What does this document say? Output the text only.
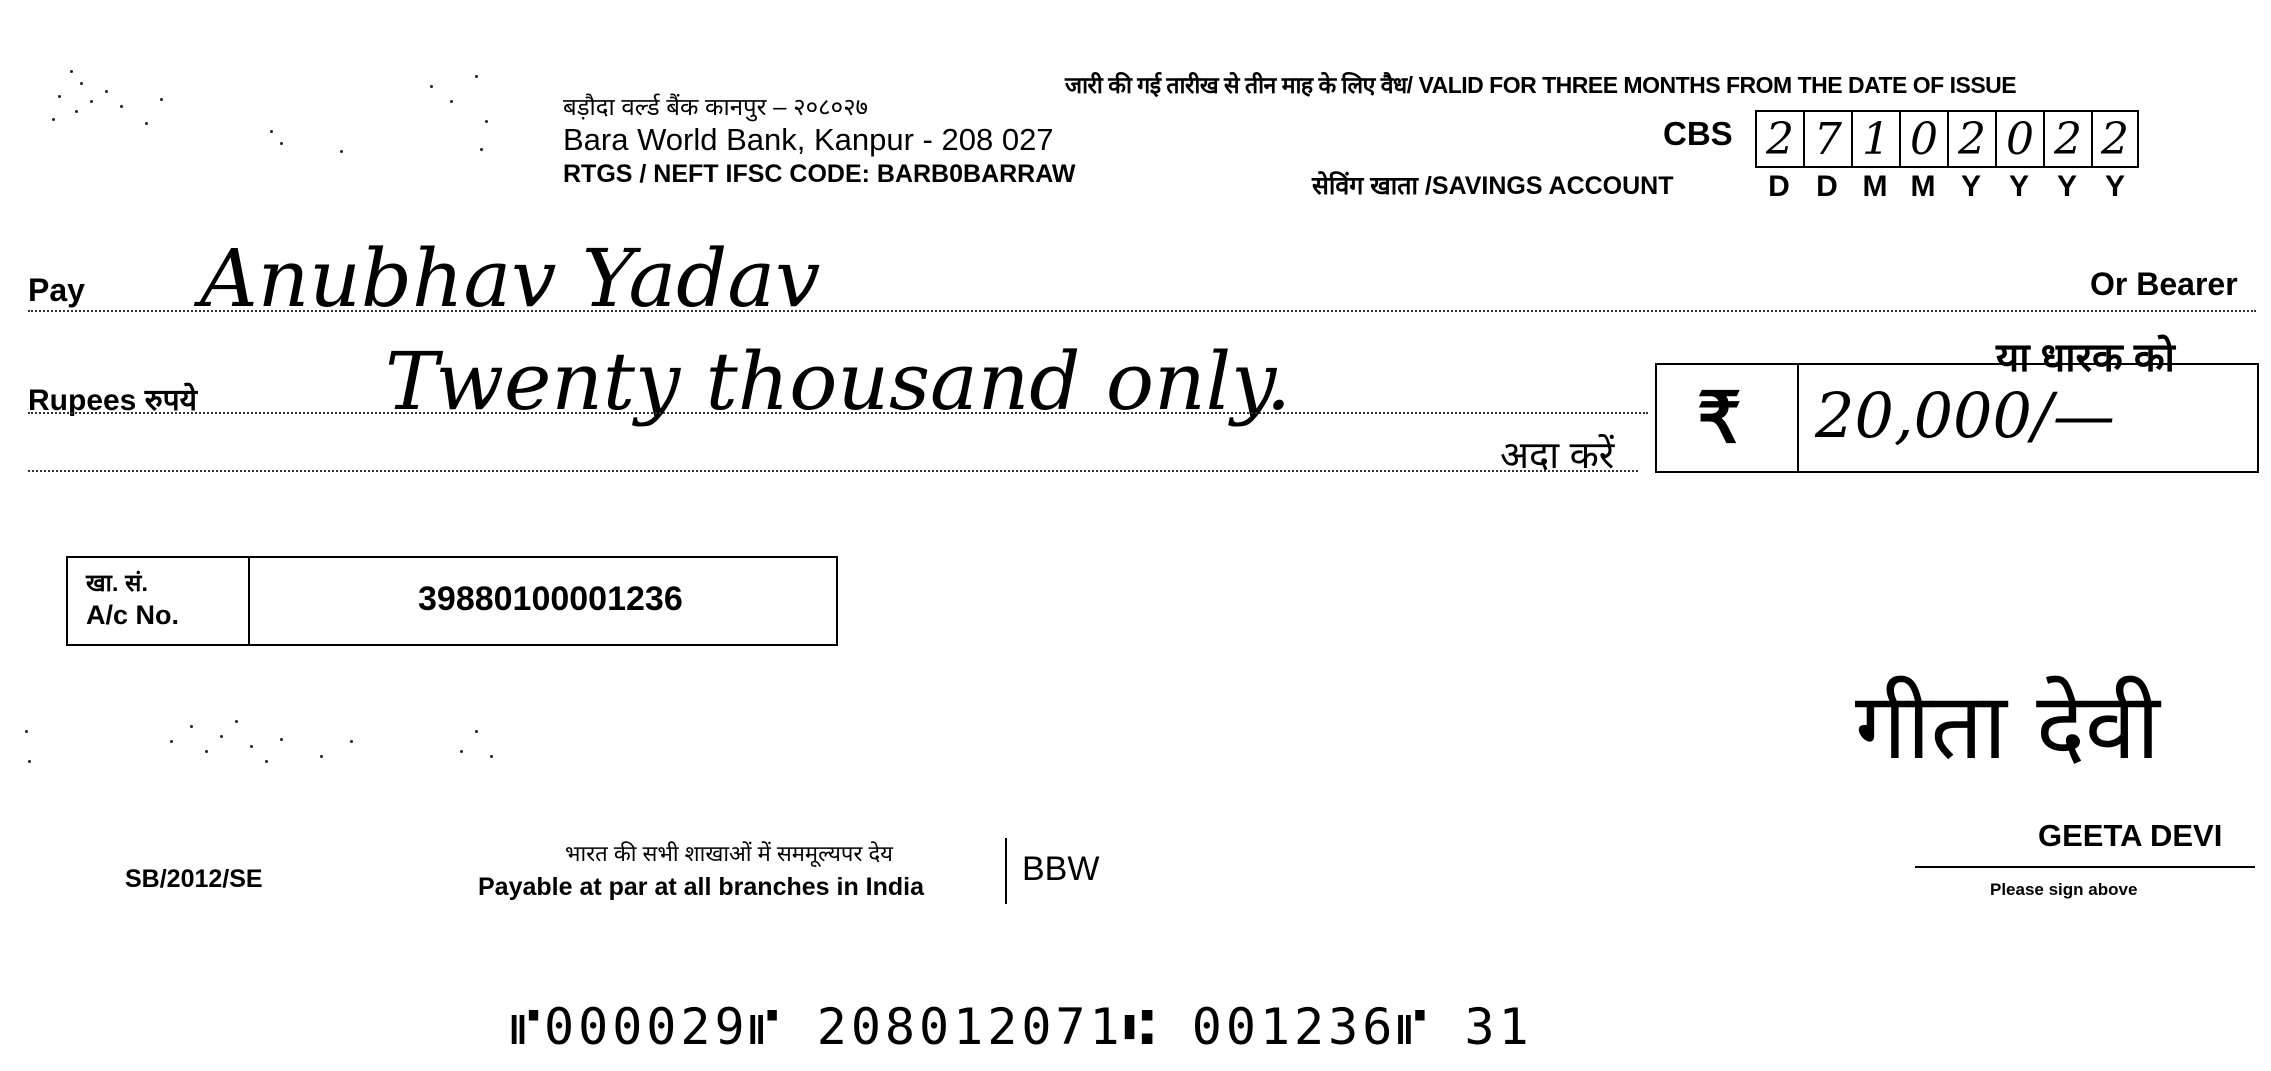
बड़ौदा वर्ल्ड बैंक कानपुर – २०८०२७
Bara World Bank, Kanpur - 208 027
RTGS / NEFT IFSC CODE: BARB0BARRAW
जारी की गई तारीख से तीन माह के लिए वैध/ VALID FOR THREE MONTHS FROM THE DATE OF ISSUE
CBS
सेविंग खाता /SAVINGS ACCOUNT
2 7 1 0 2 0 2 2
D D M M Y Y Y Y
Pay Anubhav Yadav	Or Bearer
या धारक को
Rupees रुपये Twenty thousand only.
अदा करें ₹ 20,000/—
खा. सं.
A/c No.	39880100001236
गीता देवी
GEETA DEVI
Please sign above
SB/2012/SE
भारत की सभी शाखाओं में सममूल्यपर देय
Payable at par at all branches in India	BBW
⑈000029⑈ 208012071⑆ 001236⑈ 31
